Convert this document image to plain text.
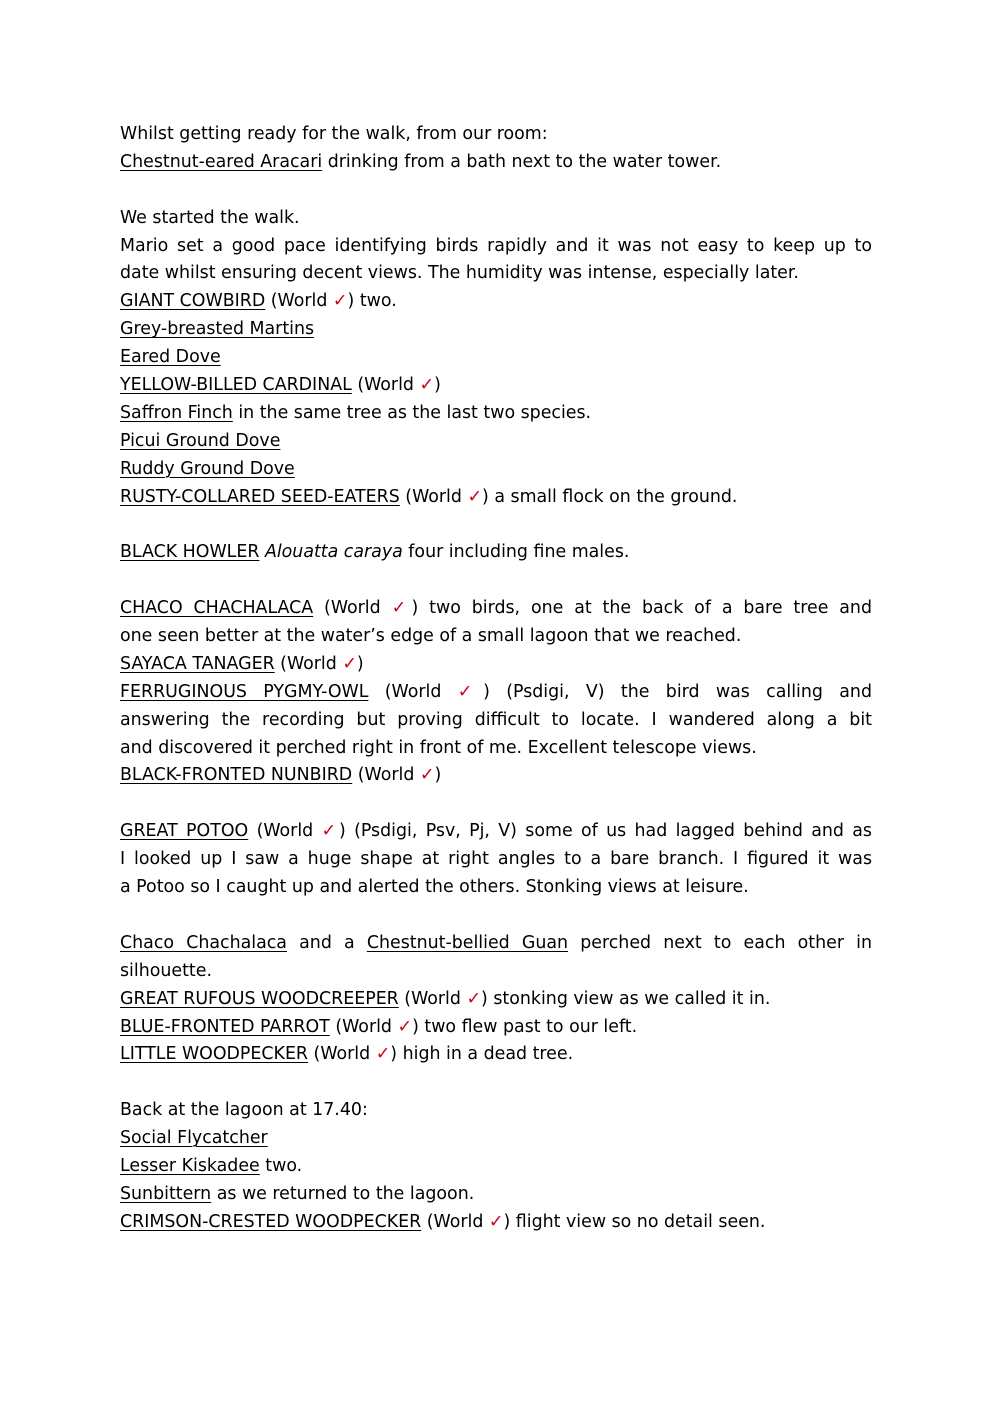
Whilst getting ready for the walk, from our room:
Chestnut-eared Aracari drinking from a bath next to the water tower.
We started the walk.
Mario set a good pace identifying birds rapidly and it was not easy to keep up to
date whilst ensuring decent views. The humidity was intense, especially later.
GIANT COWBIRD (World ✓) two.
Grey-breasted Martins
Eared Dove
YELLOW-BILLED CARDINAL (World ✓)
Saffron Finch in the same tree as the last two species.
Picui Ground Dove
Ruddy Ground Dove
RUSTY-COLLARED SEED-EATERS (World ✓) a small flock on the ground.
BLACK HOWLER Alouatta caraya four including fine males.
CHACO CHACHALACA (World ✓) two birds, one at the back of a bare tree and
one seen better at the water’s edge of a small lagoon that we reached.
SAYACA TANAGER (World ✓)
FERRUGINOUS PYGMY-OWL (World ✓) (Psdigi, V) the bird was calling and
answering the recording but proving difficult to locate. I wandered along a bit
and discovered it perched right in front of me. Excellent telescope views.
BLACK-FRONTED NUNBIRD (World ✓)
GREAT POTOO (World ✓) (Psdigi, Psv, Pj, V) some of us had lagged behind and as
I looked up I saw a huge shape at right angles to a bare branch. I figured it was
a Potoo so I caught up and alerted the others. Stonking views at leisure.
Chaco Chachalaca and a Chestnut-bellied Guan perched next to each other in
silhouette.
GREAT RUFOUS WOODCREEPER (World ✓) stonking view as we called it in.
BLUE-FRONTED PARROT (World ✓) two flew past to our left.
LITTLE WOODPECKER (World ✓) high in a dead tree.
Back at the lagoon at 17.40:
Social Flycatcher
Lesser Kiskadee two.
Sunbittern as we returned to the lagoon.
CRIMSON-CRESTED WOODPECKER (World ✓) flight view so no detail seen.
